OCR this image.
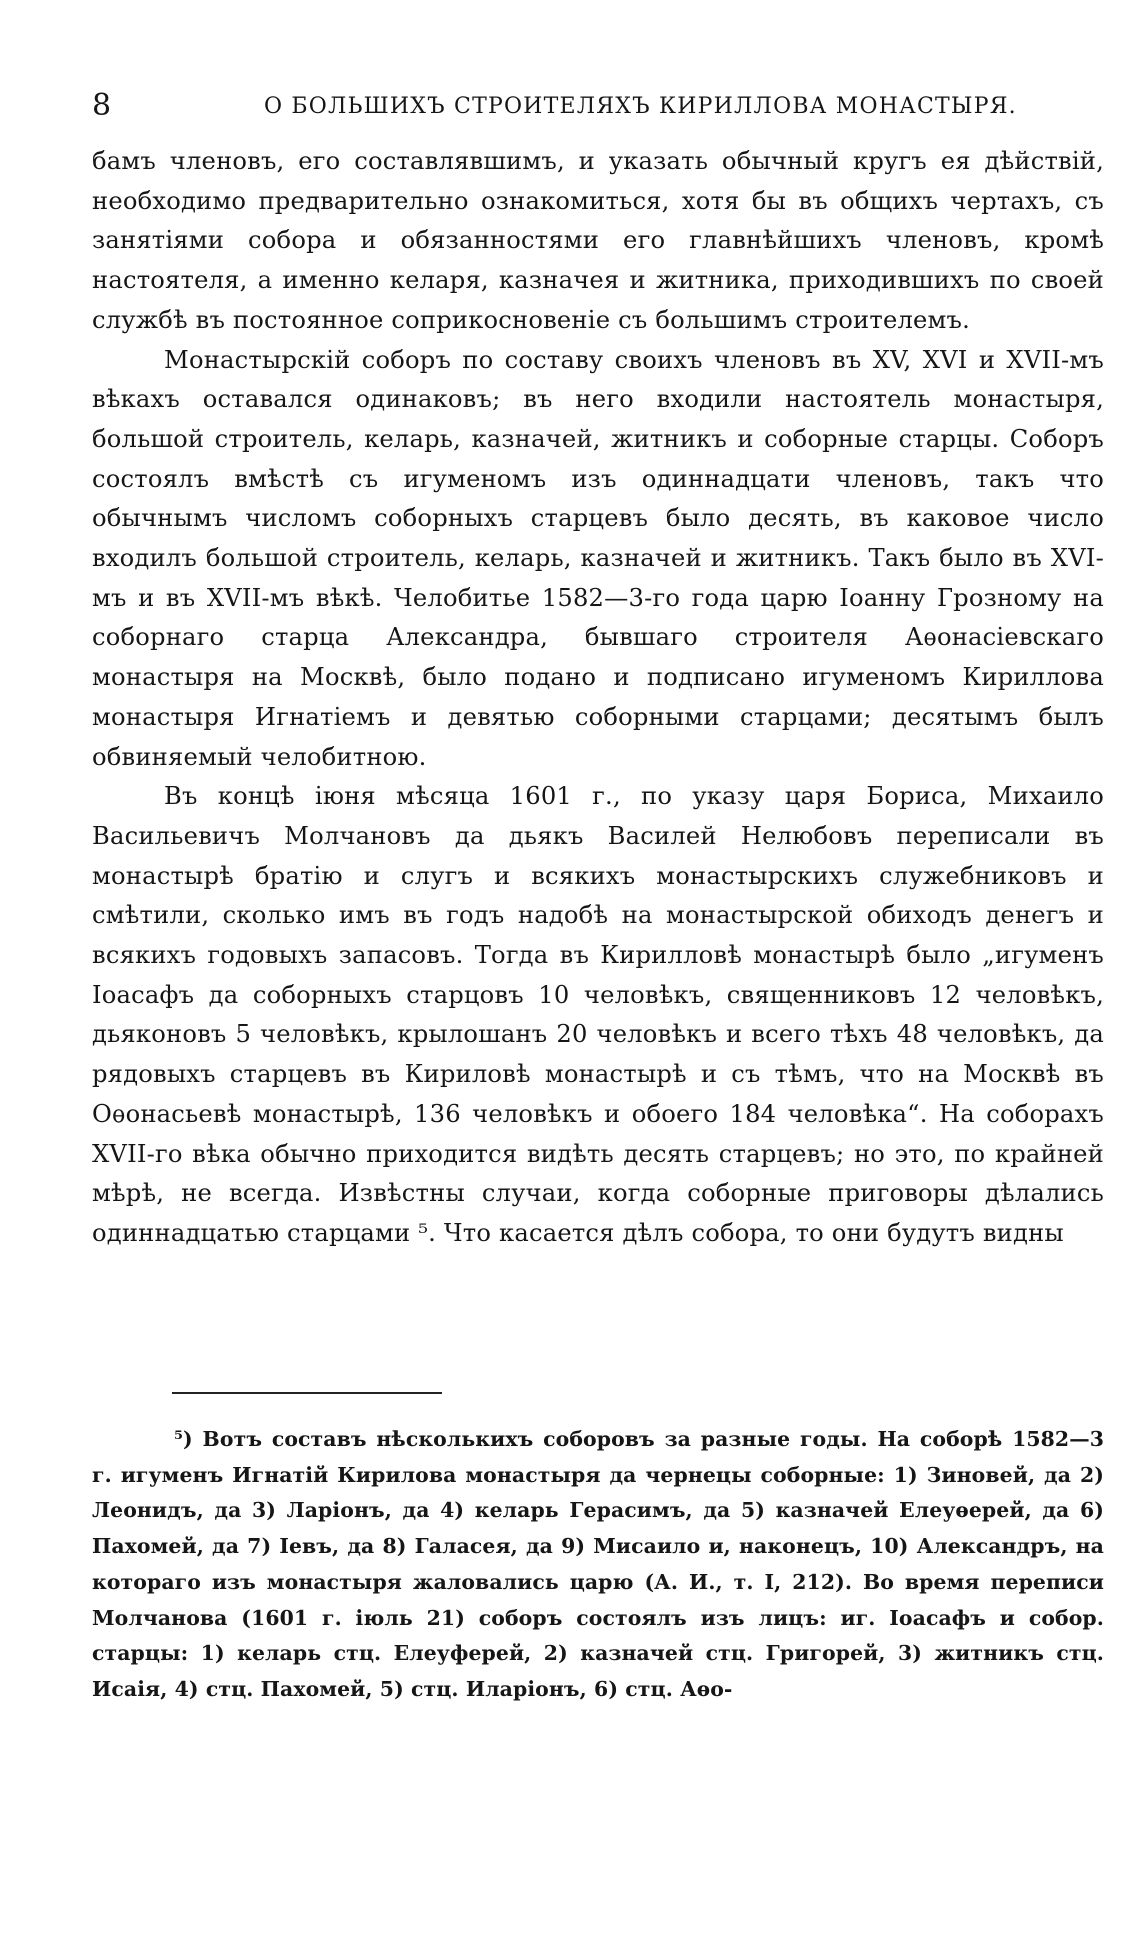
8	О БОЛЬШИХЪ СТРОИТЕЛЯХЪ КИРИЛЛОВА МОНАСТЫРЯ.

бамъ членовъ, его составлявшимъ, и указать обычный кругъ ея дѣйствій, необходимо предварительно ознакомиться, хотя бы въ общихъ чертахъ, съ занятіями собора и обязанностями его главнѣйшихъ членовъ, кромѣ настоятеля, а именно келаря, казначея и житника, приходившихъ по своей службѣ въ постоянное соприкосновеніе съ большимъ строителемъ.

Монастырскій соборъ по составу своихъ членовъ въ XV, XVI и XVII-мъ вѣкахъ оставался одинаковъ; въ него входили настоятель монастыря, большой строитель, келарь, казначей, житникъ и соборные старцы. Соборъ состоялъ вмѣстѣ съ игуменомъ изъ одиннадцати членовъ, такъ что обычнымъ числомъ соборныхъ старцевъ было десять, въ каковое число входилъ большой строитель, келарь, казначей и житникъ. Такъ было въ XVI-мъ и въ XVII-мъ вѣкѣ. Челобитье 1582—3-го года царю Іоанну Грозному на соборнаго старца Александра, бывшаго строителя Аѳонасіевскаго монастыря на Москвѣ, было подано и подписано игуменомъ Кириллова монастыря Игнатіемъ и девятью соборными старцами; десятымъ былъ обвиняемый челобитною.

Въ концѣ іюня мѣсяца 1601 г., по указу царя Бориса, Михаило Васильевичъ Молчановъ да дьякъ Василей Нелюбовъ переписали въ монастырѣ братію и слугъ и всякихъ монастырскихъ служебниковъ и смѣтили, сколько имъ въ годъ надобѣ на монастырской обиходъ денегъ и всякихъ годовыхъ запасовъ. Тогда въ Кирилловѣ монастырѣ было „игуменъ Іоасафъ да соборныхъ старцовъ 10 человѣкъ, священниковъ 12 человѣкъ, дьяконовъ 5 человѣкъ, крылошанъ 20 человѣкъ и всего тѣхъ 48 человѣкъ, да рядовыхъ старцевъ въ Кириловѣ монастырѣ и съ тѣмъ, что на Москвѣ въ Оѳонасьевѣ монастырѣ, 136 человѣкъ и обоего 184 человѣка“. На соборахъ XVII-го вѣка обычно приходится видѣть десять старцевъ; но это, по крайней мѣрѣ, не всегда. Извѣстны случаи, когда соборные приговоры дѣлались одиннадцатью старцами ⁵. Что касается дѣлъ собора, то они будутъ видны

⁵) Вотъ составъ нѣсколькихъ соборовъ за разные годы. На соборѣ 1582—3 г. игуменъ Игнатій Кирилова монастыря да чернецы соборные: 1) Зиновей, да 2) Леонидъ, да 3) Ларіонъ, да 4) келарь Герасимъ, да 5) казначей Елеуѳерей, да 6) Пахомей, да 7) Іевъ, да 8) Галасея, да 9) Мисаило и, наконецъ, 10) Александръ, на котораго изъ монастыря жаловались царю (А. И., т. I, 212). Во время переписи Молчанова (1601 г. іюль 21) соборъ состоялъ изъ лицъ: иг. Іоасафъ и собор. старцы: 1) келарь стц. Елеуферей, 2) казначей стц. Григорей, 3) житникъ стц. Исаія, 4) стц. Пахомей, 5) стц. Иларіонъ, 6) стц. Аѳо-
